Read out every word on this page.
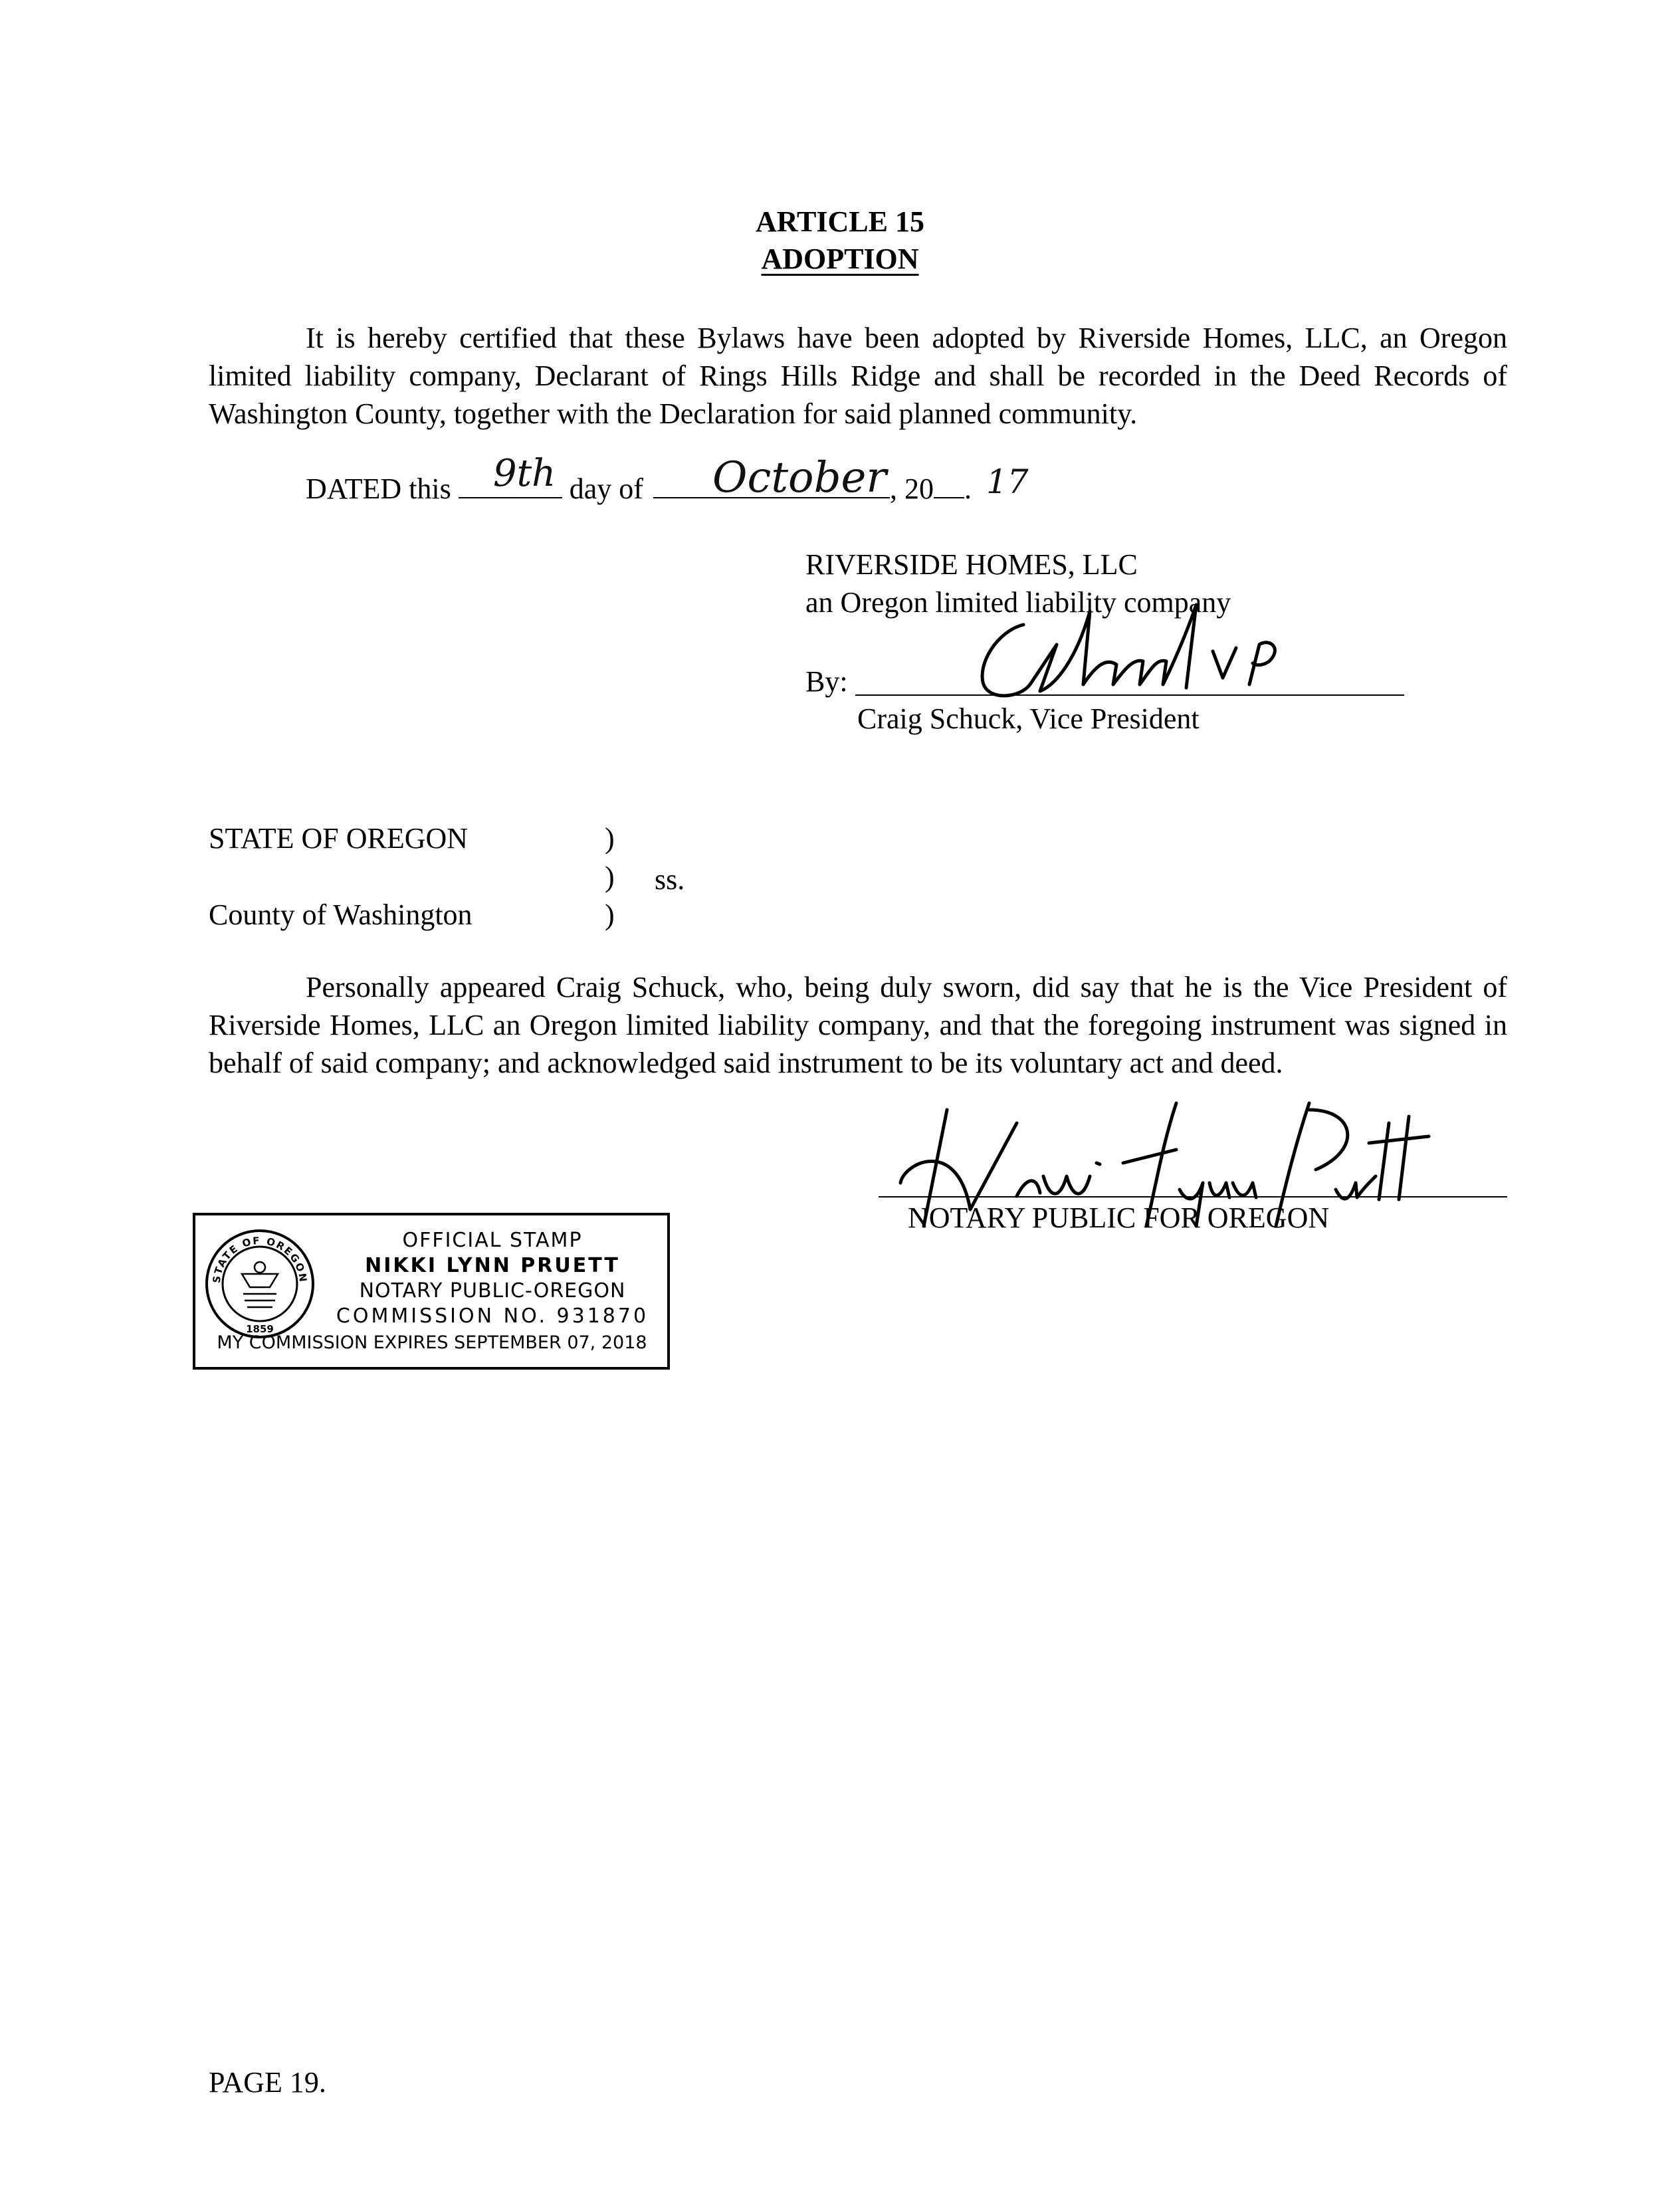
ARTICLE 15
ADOPTION
It is hereby certified that these Bylaws have been adopted by Riverside Homes, LLC, an Oregon limited liability company, Declarant of Rings Hills Ridge and shall be recorded in the Deed Records of Washington County, together with the Declaration for said planned community.
DATED this	day of	, 20 .
9th	October	17
RIVERSIDE HOMES, LLC
an Oregon limited liability company
By:
Craig Schuck, Vice President
STATE OF OREGON	)
) ss.
County of Washington	)
Personally appeared Craig Schuck, who, being duly sworn, did say that he is the Vice President of Riverside Homes, LLC an Oregon limited liability company, and that the foregoing instrument was signed in behalf of said company; and acknowledged said instrument to be its voluntary act and deed.
NOTARY PUBLIC FOR OREGON
STATE OF OREGON
1859
OFFICIAL STAMP
NIKKI LYNN PRUETT
NOTARY PUBLIC-OREGON
COMMISSION NO. 931870
MY COMMISSION EXPIRES SEPTEMBER 07, 2018
PAGE 19.
